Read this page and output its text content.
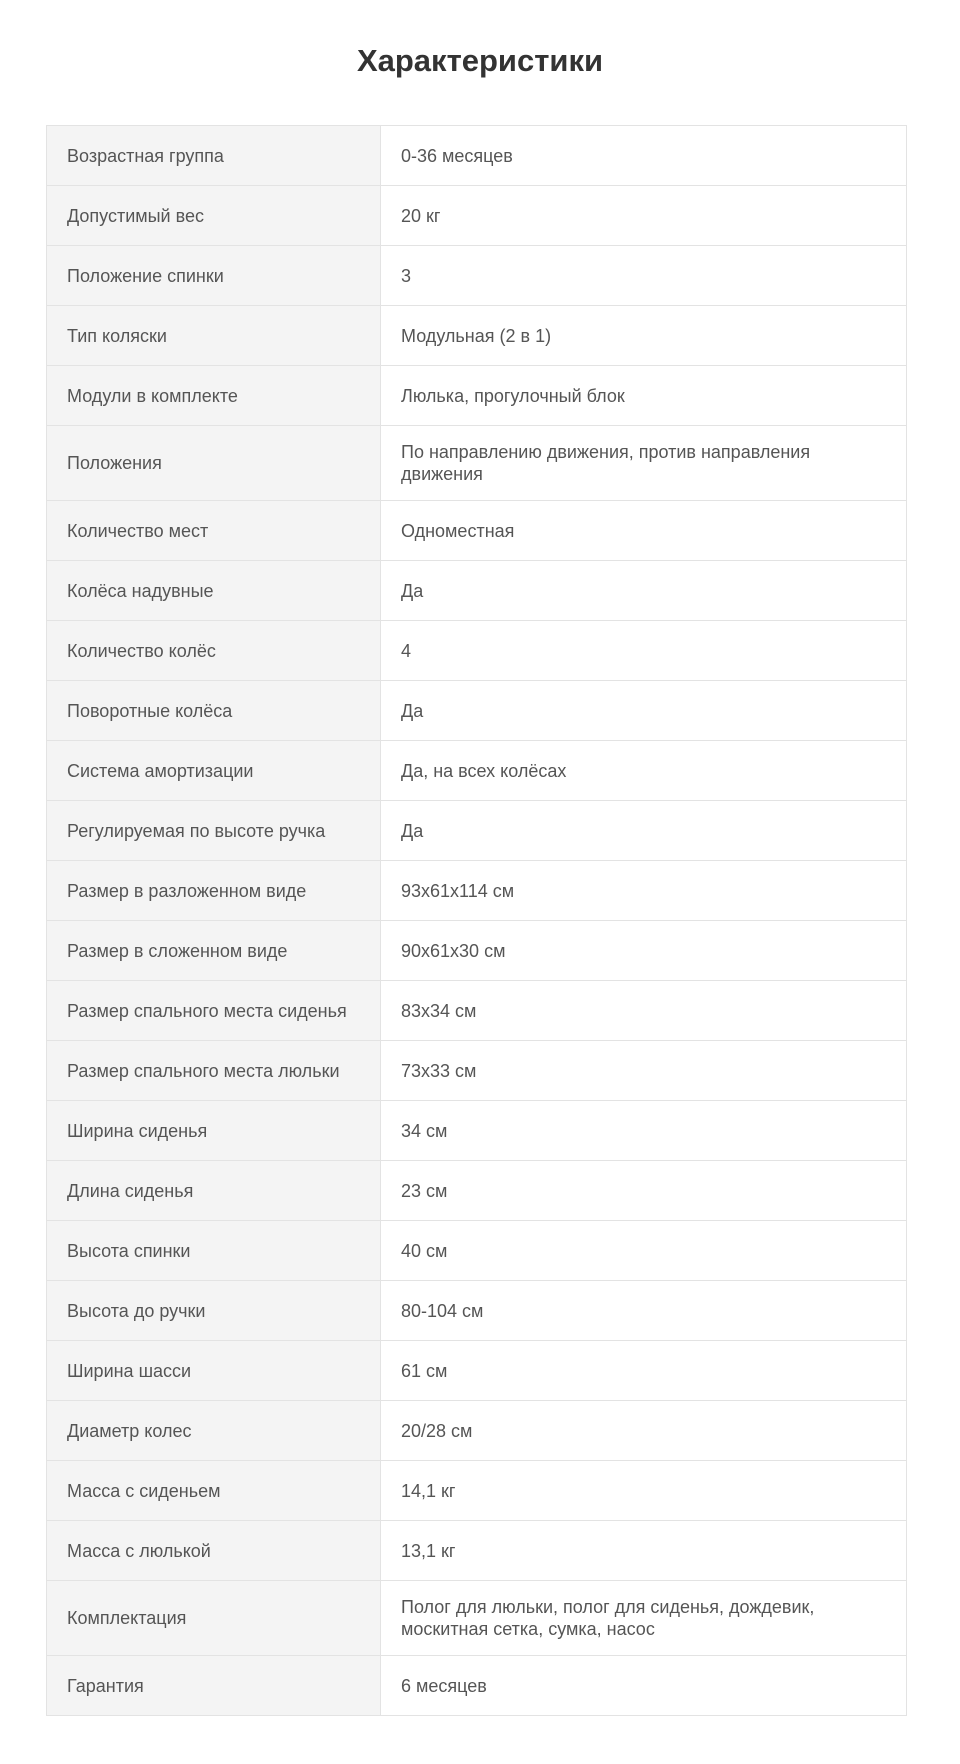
Характеристики
Возрастная группа	0-36 месяцев
Допустимый вес	20 кг
Положение спинки	3
Тип коляски	Модульная (2 в 1)
Модули в комплекте	Люлька, прогулочный блок
Положения	По направлению движения, против направления движения
Количество мест	Одноместная
Колёса надувные	Да
Количество колёс	4
Поворотные колёса	Да
Система амортизации	Да, на всех колёсах
Регулируемая по высоте ручка	Да
Размер в разложенном виде	93x61x114 см
Размер в сложенном виде	90x61x30 см
Размер спального места сиденья	83x34 см
Размер спального места люльки	73x33 см
Ширина сиденья	34 см
Длина сиденья	23 см
Высота спинки	40 см
Высота до ручки	80-104 см
Ширина шасси	61 см
Диаметр колес	20/28 см
Масса с сиденьем	14,1 кг
Масса с люлькой	13,1 кг
Комплектация	Полог для люльки, полог для сиденья, дождевик, москитная сетка, сумка, насос
Гарантия	6 месяцев
